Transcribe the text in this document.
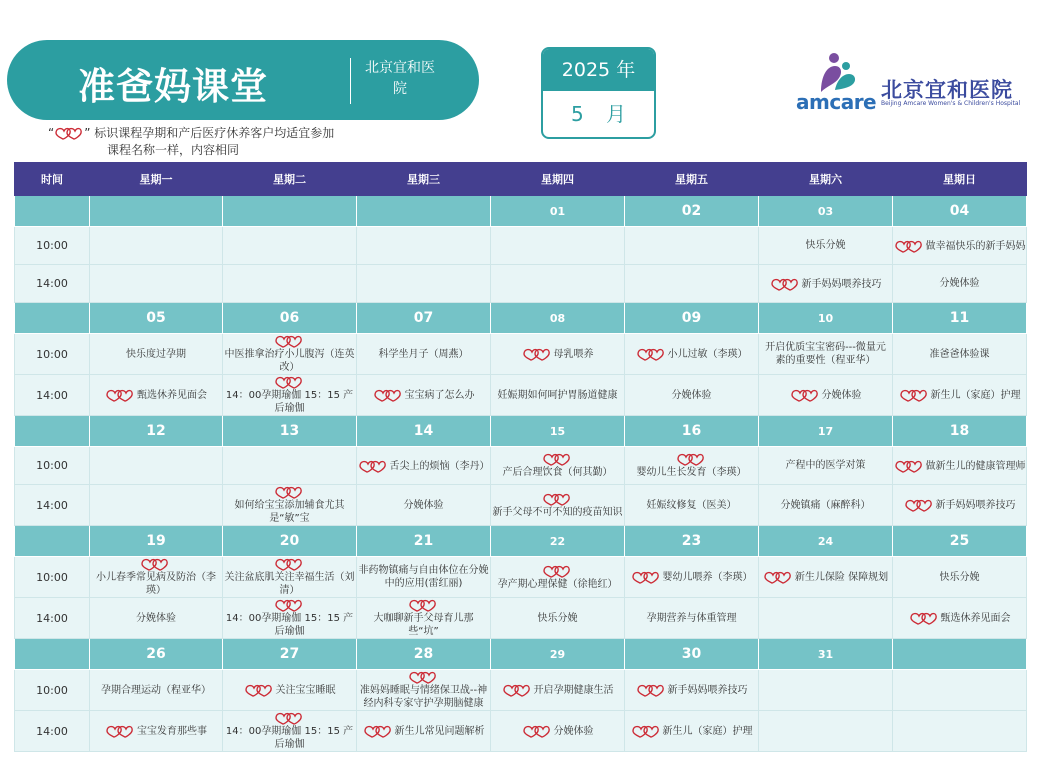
准爸妈课堂	北京宜和医院
2025 年
5 月	amcare 北京宜和医院
Beijing Amcare Women's & Children's Hospital
“	” 标识课程孕期和产后医疗休养客户均适宜参加
课程名称一样，内容相同
时间	星期一	星期二	星期三	星期四	星期五	星期六	星期日
				01	02	03	04
10:00						快乐分娩	做幸福快乐的新手妈妈
14:00						新手妈妈喂养技巧	分娩体验
	05	06	07	08	09	10	11
10:00	快乐度过孕期	中医推拿治疗小儿腹泻（连英改）	科学坐月子（周燕）	母乳喂养	小儿过敏（李瑛）	开启优质宝宝密码---微量元素的重要性（程亚华）	准爸爸体验课
14:00	甄选休养见面会	14：00孕期瑜伽 15：15 产后瑜伽	宝宝病了怎么办	妊娠期如何呵护胃肠道健康	分娩体验	分娩体验	新生儿（家庭）护理
	12	13	14	15	16	17	18
10:00			舌尖上的烦恼（李丹）	产后合理饮食（何其勤）	婴幼儿生长发育（李瑛）	产程中的医学对策	做新生儿的健康管理师
14:00		如何给宝宝添加辅食尤其是“敏”宝	分娩体验	新手父母不可不知的疫苗知识	妊娠纹修复（医美）	分娩镇痛（麻醉科）	新手妈妈喂养技巧
	19	20	21	22	23	24	25
10:00	小儿春季常见病及防治（李瑛）	关注盆底肌关注幸福生活（刘清）	非药物镇痛与自由体位在分娩中的应用(雷红丽)	孕产期心理保健（徐艳红）	婴幼儿喂养（李瑛）	新生儿保险 保障规划	快乐分娩
14:00	分娩体验	14：00孕期瑜伽 15：15 产后瑜伽	大咖聊新手父母育儿那些“坑”	快乐分娩	孕期营养与体重管理		甄选休养见面会
	26	27	28	29	30	31	
10:00	孕期合理运动（程亚华）	关注宝宝睡眠	准妈妈睡眠与情绪保卫战--神经内科专家守护孕期脑健康	开启孕期健康生活	新手妈妈喂养技巧		
14:00	宝宝发育那些事	14：00孕期瑜伽 15：15 产后瑜伽	新生儿常见问题解析	分娩体验	新生儿（家庭）护理		
